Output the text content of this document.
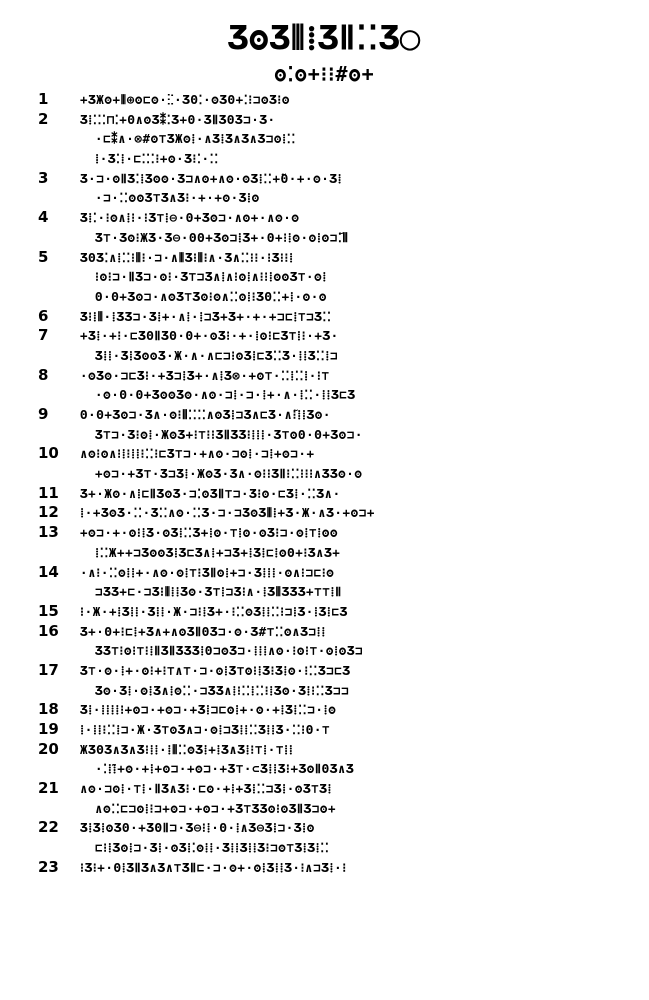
ƷʘƷ⦀⁞ƷⅡ⁚⁚Ʒ◯
ʘ⁚ʘ+⁝⁝#ʘ+
1	+ƷЖʘ+⦀⊕ʘ⊏ʘ·⁝⁚·ƷΘ⁚·ʘƷΘ+⁚⁝⊐ʘƷ⁝ʘ
2	Ʒ⁞⁚⁚⁚⊓⁚+Θ∧ʘƷ⁑⁚Ʒ+Θ·ƷⅡƷΘƷ⊐·Ʒ·
·⊏⁑∧·⊗#ʘ⊤ƷЖʘ⁞·∧Ʒ⁞Ʒ∧Ʒ∧Ʒ⊐ʘ⁞⁚⁚
⁞·Ʒ⁚⁞·⊏⁚⁚⁚⁝+ʘ·Ʒ⁝⁚·⁚⁚
3	Ʒ·⊐·ʘⅡƷ⁚⁞Ʒʘʘ·Ʒ⊐∧ʘ+∧ʘ·ʘƷ⁞⁚⁚+̃Θ·+·ʘ·Ʒ⁞
·⊐·⁚⁚ʘʘƷ⊤Ʒ∧Ʒ⁝·+·+ʘ·Ʒ⁞ʘ
4	Ʒ⁞⁚·⁝ʘ∧⁞⁝·⁝Ʒ⊤⁞⊖·Θ+Ʒʘ⊐·∧ʘ+·∧ʘ·ʘ
Ʒ⊤·Ʒʘ⁝ЖƷ·Ʒ⊖·ΘΘ+Ʒʘ⊐⁞Ʒ+·Θ+⁝⁞ʘ·ʘ⁞ʘ⊐̃⁚⦀
5	ƷΘƷ⁚∧⁞⁚⁚⁝⦀⁝·⊐·∧⦀Ʒ⁝⦀⁝∧·Ʒ∧⁚⁚⁝⁝·⁝Ʒ⁝⁝⁞
⁝ʘ⁝⊐·ⅡƷ⊐·ʘ⁝·Ʒ⊤⊐Ʒ∧⁞∧⁝ʘ⁞∧⁝⁝⁞ʘʘƷ⊤·ʘ⁞
Θ·Θ+Ʒʘ⊐·∧ʘƷ⊤Ʒʘ⁝ʘ∧⁚⁚ʘ⁞⁝ƷΘ⁚⁚+⁞·ʘ·ʘ
6	Ʒ⁝⁞⦀·⁞ƷƷ⊐·Ʒ⁞+·∧⁞·⁞⊐Ʒ+Ʒ+·+·+⊐⊏⁞⊤⊐Ʒ⁚⁚
7	+Ʒ⁞·+⁝·⊏ƷΘⅡƷΘ·Θ+·ʘƷ⁝·+·⁞ʘ⁝⊏Ʒ⊤⁞⁝·+Ʒ·
Ʒ⁞⁞·Ʒ⁞ƷʘʘƷ·Ж·∧·∧⊏⊐⁝ʘƷ⁞⊏Ʒ⁚⁚Ʒ·⁞⁞Ʒ⁚⁚⁞⊐
8	·ʘƷʘ·⊐⊏Ʒ⁝·+Ʒ⊐⁞Ʒ+·∧⁞Ʒ⊗·+ʘ⊤·⁚⁚⁞⁚⁚⁞·⁝⊤
·ʘ·Θ·Θ+ƷʘʘƷʘ·∧ʘ·⊐⁞·⊐·⁞+·∧·⁞⁚⁚·⁞⁞Ʒ⊏Ʒ
9	Θ·Θ+Ʒʘ⊐·Ʒ∧·ʘ⁝⦀⁚⁚⁚⁚∧ʘƷ⁞⊐Ʒ∧⊏Ʒ·∧̃⁝⁞⁞Ʒʘ·
Ʒ⊤⊐·Ʒ⁝ʘ⁞·ЖʘƷ+⁝⊤⁝⁝ƷⅡƷƷ⁝⁞⁞⁞·Ʒ⊤ʘΘ·Θ+Ʒʘ⊐·
10	∧ʘ⁝ʘ∧⁝⁞⁝⁞⁞⁝⁚⁚⁝⊏Ʒ⊤⊐·+∧ʘ·⊐ʘ⁞·⊐⁞+ʘ⊐·+
+ʘ⊐·+Ʒ⊤·Ʒ⊐Ʒ⁞·ЖʘƷ·Ʒ∧·ʘ⁝⁝ƷⅡ⁝⁚⁚⁝⁝⁝∧ƷƷʘ·ʘ
11	Ʒ+·Жʘ·∧⁞⊏ⅡƷʘƷ·⊐⁚ʘƷⅡ⊤⊐·Ʒ⁝ʘ·⊏Ʒ⁞·⁚⁚Ʒ∧·
12	⁞·+ƷʘƷ·⁚⁚·Ʒ⁚⁚∧ʘ·⁚⁚Ʒ·⊐·⊐ƷʘƷ⦀⁞+Ʒ·Ж·∧Ʒ·+ʘ⊐+
13	+ʘ⊐·+·ʘ⁝⁞Ʒ·ʘƷ⁞⁚⁚Ʒ+⁞ʘ·⊤⁞ʘ·ʘƷ⁝⊐·ʘ⁞⊤⁞ʘʘ
⁞⁚⁚Ж++⊐ƷʘʘƷ⁞Ʒ⊏Ʒ∧⁞+⊐Ʒ+⁞Ʒ⁞⊏⁞ʘΘ+⁝Ʒ∧Ʒ+
14	·∧⁝·⁚⁚ʘ⁞⁞+·∧ʘ·ʘ⁞⊤⁝ƷⅡʘ⁞+⊐·Ʒ⁞⁞⁞·ʘ∧⁝⊐⊏⁝ʘ
⊐ƷƷ+⊏·⊐Ʒ⁝⦀⁞⁞Ʒʘ·Ʒ⊤⁞⊐Ʒ⁝∧·⁞Ʒ⦀ƷƷƷ+⊤⊤⁞Ⅱ
15	⁝·Ж·+⁞Ʒ⁞⁞·Ʒ⁞⁞·Ж·⊐⁝⁞Ʒ+·⁝⁚⁚ʘƷ⁞⁞⁚⁚⁝⊐⁞Ʒ·⁞Ʒ⁞⊏Ʒ
16	Ʒ+·Θ+⁝⊏⁞+Ʒ∧+∧ʘƷⅡΘƷ⊐·ʘ·Ʒ#⊤⁚⁚ʘ∧Ʒ⊐⁞⁞
ƷƷ⊤⁝ʘ⁝⊤⁝⁞ⅡƷⅡƷƷƷ⁞Θ⊐ʘƷ⊐·⁞⁞⁞∧ʘ·⁝ʘ⁝⊤·ʘ⁞ʘƷ⊐
17	Ʒ⊤·ʘ·⁞+·ʘ⁝+⁝⊤∧⊤·⊐·ʘ⁞Ʒ⊤ʘ⁝⁞Ʒ⁝Ʒ⁞ʘ·⁝⁚⁚Ʒ⊐⊏Ʒ
Ʒʘ·Ʒ⁞·ʘ⁞Ʒ∧⁞ʘ⁚⁚·⊐ƷƷ∧⁞⁝⁚⁚⁞⁚⁚⁝⁞Ʒʘ·Ʒ⁞⁝⁚⁚Ʒ⊐⊐
18	Ʒ⁞·⁞⁞⁞⁞⁝+ʘ⊐·+ʘ⊐·+Ʒ⁞⊐⊏ʘ⁞+·ʘ·+⁞Ʒ⁞⁚⁚⊐·⁞ʘ
19	⁞·⁞⁞⁝⁚⁚⁞⊐·Ж·Ʒ⊤ʘƷ∧⊐·ʘ⁞⊐Ʒ⁞⁞⁚⁚Ʒ⁞⁞Ʒ·⁚⁚⁝Θ·⊤
20	ЖƷΘƷ∧Ʒ∧Ʒ⁝⁞⁞·⁞⦀⁚⁚ʘƷ⁞+⁞Ʒ∧Ʒ⁞⁝⊤⁞·⊤⁞⁞
·⁚⁞̃⁞+ʘ·+⁞+ʘ⊐·+ʘ⊐·+Ʒ⊤·⊂Ʒ⁞⁞Ʒ⁝+ƷʘⅡΘƷ∧Ʒ
21	∧ʘ·⊐ʘ⁞·⊤⁞·ⅡƷ∧Ʒ⁝·⊏ʘ·+⁞+Ʒ⁞⁚⁚⊐Ʒ⁞·ʘƷ⊤Ʒ⁞
∧ʘ⁚⁚⊏⊐ʘ⁞⁝⊐+ʘ⊐·+ʘ⊐·+Ʒ⊤ƷƷʘ⁝ʘƷⅡƷ⊐ʘ+
22	Ʒ⁞Ʒ⁞ʘƷΘ·+ƷΘⅡ⊐·Ʒ⊖⁝⁞·Θ·⁞∧Ʒ⊖Ʒ⁞⊐·Ʒ⁞ʘ
⊏⁝⁞Ʒʘ⁞⊐·Ʒ⁞·ʘƷ⁞⁚ʘ⁞⁞·Ʒ⁞⁞Ʒ⁞⁞Ʒ⁝⊐ʘ⊤Ʒ⁞Ʒ⁞⁚⁚
23	⁝Ʒ⁝+·Θ⁞ƷⅡƷ∧Ʒ∧⊤ƷⅡ⊏·⊐·ʘ+·ʘ⁞Ʒ⁞⁞Ʒ·⁝∧⊐Ʒ⁞·⁝
